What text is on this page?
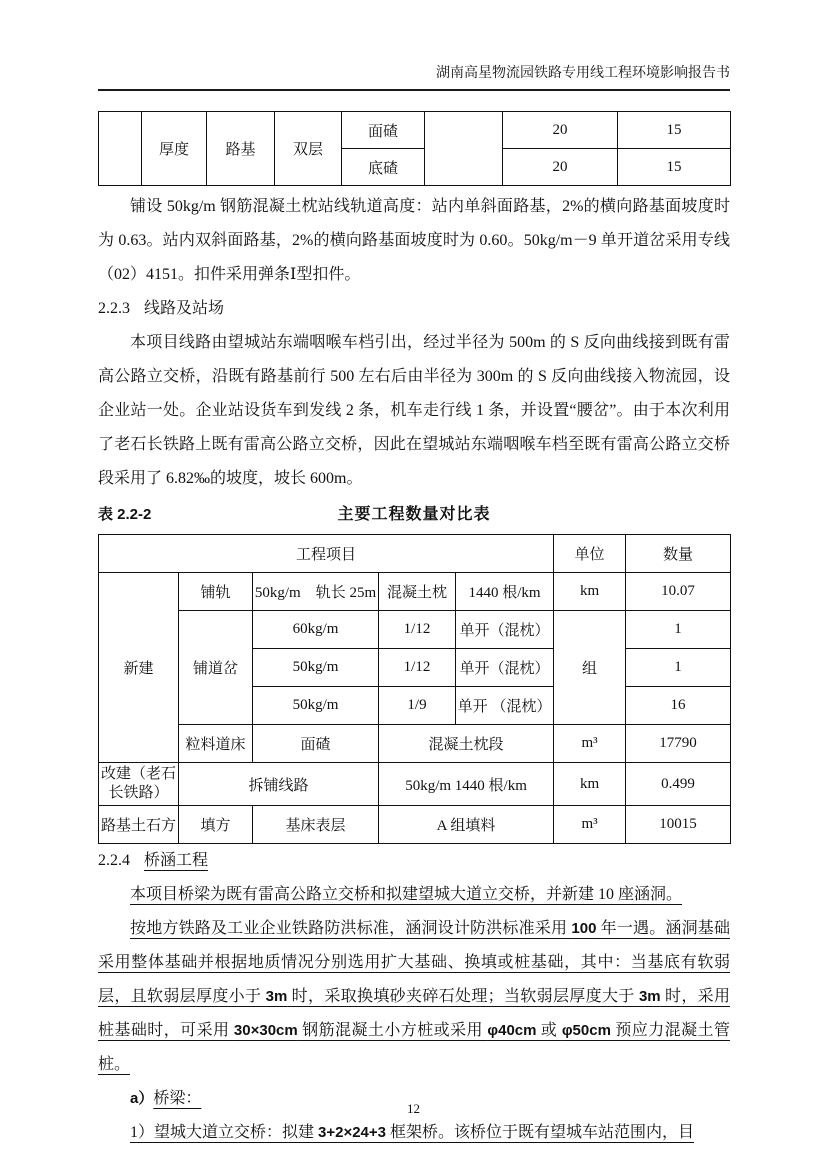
湖南高星物流园铁路专用线工程环境影响报告书
	厚度	路基	双层	面碴		20	15
				底碴		20	15

铺设 50kg/m 钢筋混凝土枕站线轨道高度：站内单斜面路基，2%的横向路基面坡度时为 0.63。站内双斜面路基，2%的横向路基面坡度时为 0.60。50kg/m－9 单开道岔采用专线（02）4151。扣件采用弹条Ⅰ型扣件。

2.2.3 线路及站场

本项目线路由望城站东端咽喉车档引出，经过半径为 500m 的 S 反向曲线接到既有雷高公路立交桥，沿既有路基前行 500 左右后由半径为 300m 的 S 反向曲线接入物流园，设企业站一处。企业站设货车到发线 2 条，机车走行线 1 条，并设置“腰岔”。由于本次利用了老石长铁路上既有雷高公路立交桥，因此在望城站东端咽喉车档至既有雷高公路立交桥段采用了 6.82‰的坡度，坡长 600m。

表 2.2-2	主要工程数量对比表
工程项目					单位	数量
新建	铺轨	50kg/m　轨长 25m	混凝土枕	1440 根/km	km	10.07
	铺道岔	60kg/m	1/12	单开（混枕）	组	1
		50kg/m	1/12	单开（混枕）		1
		50kg/m	1/9	单开 （混枕）		16
	粒料道床	面碴	混凝土枕段		m³	17790
改建（老石长铁路）	拆铺线路		50kg/m 1440 根/km		km	0.499
路基土石方	填方	基床表层	A 组填料		m³	10015
2.2.4 桥涵工程

本项目桥梁为既有雷高公路立交桥和拟建望城大道立交桥，并新建 10 座涵洞。

按地方铁路及工业企业铁路防洪标准，涵洞设计防洪标准采用 100 年一遇。涵洞基础采用整体基础并根据地质情况分别选用扩大基础、换填或桩基础，其中：当基底有软弱层，且软弱层厚度小于 3m 时，采取换填砂夹碎石处理；当软弱层厚度大于 3m 时，采用桩基础时，可采用 30×30cm 钢筋混凝土小方桩或采用 φ40cm 或 φ50cm 预应力混凝土管桩。

a）桥梁：

1）望城大道立交桥：拟建 3+2×24+3 框架桥。该桥位于既有望城车站范围内，目

12
